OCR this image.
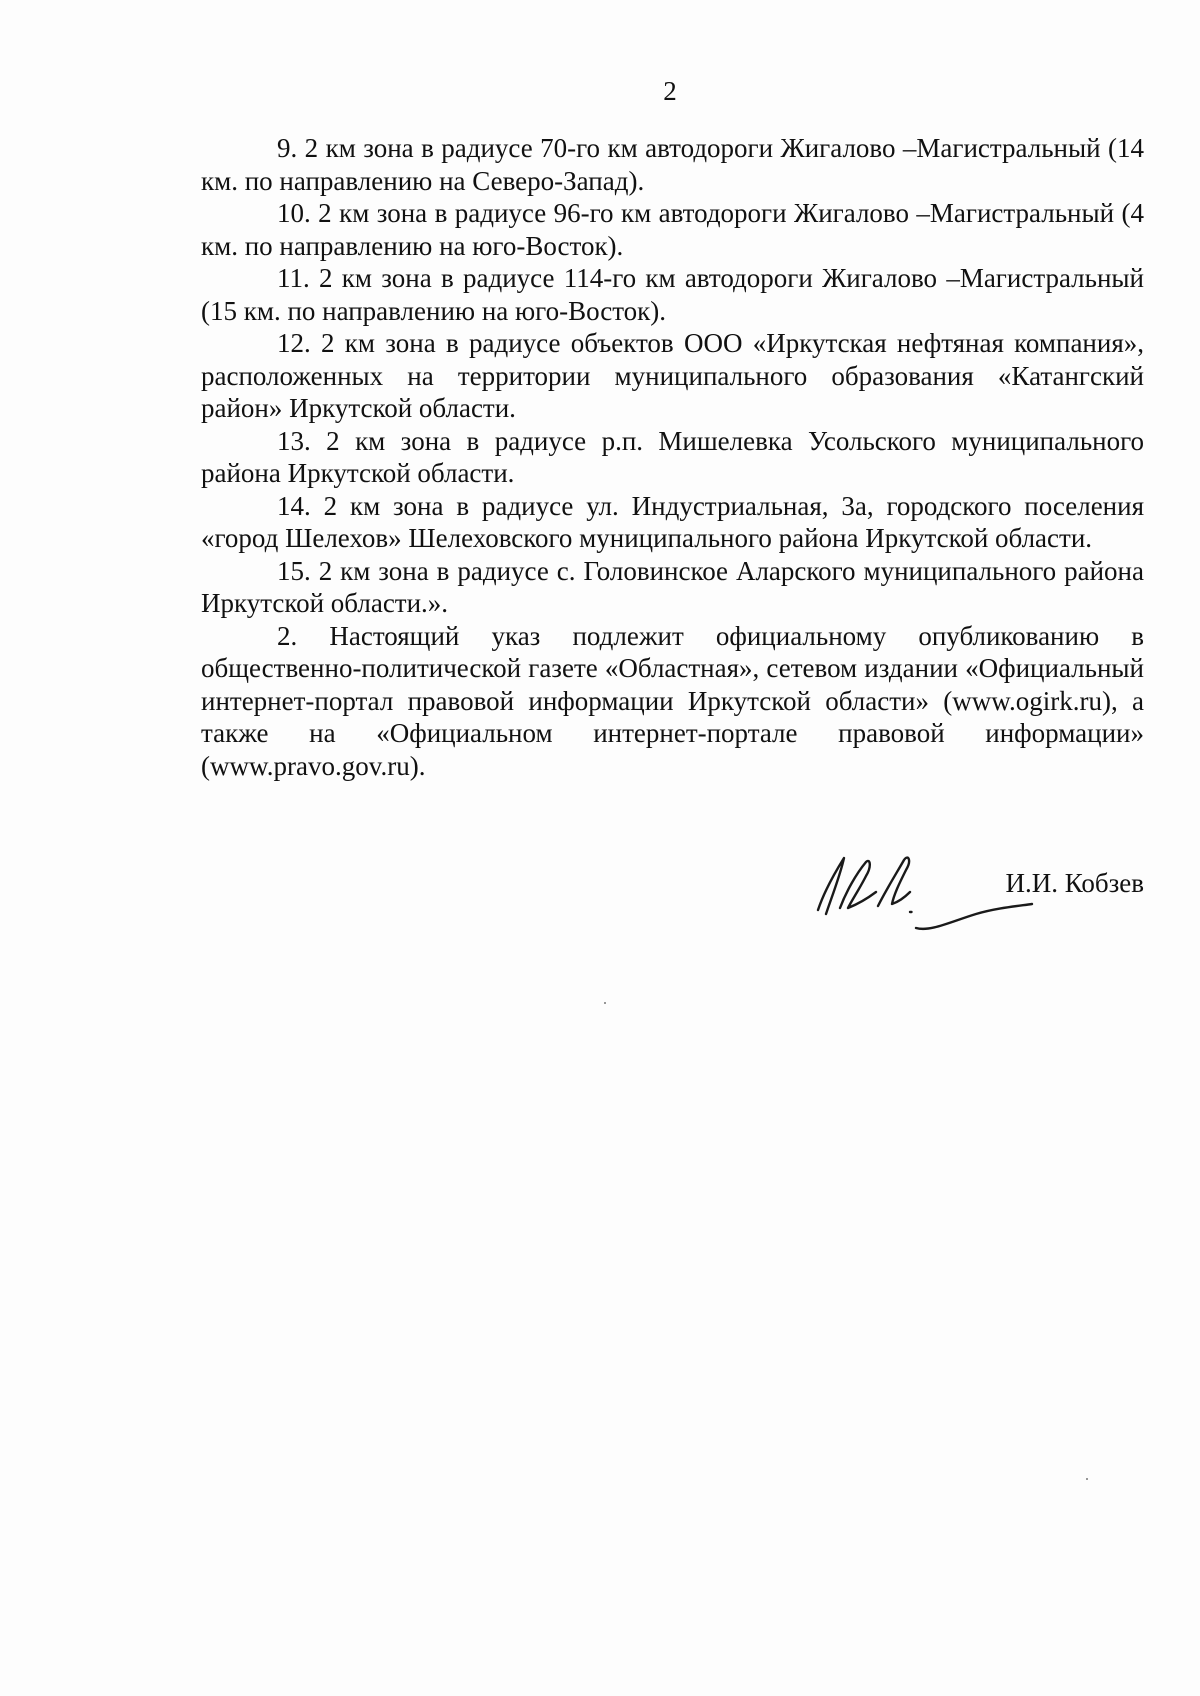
2

9. 2 км зона в радиусе 70-го км автодороги Жигалово –Магистральный (14 км. по направлению на Северо-Запад).

10. 2 км зона в радиусе 96-го км автодороги Жигалово –Магистральный (4 км. по направлению на юго-Восток).

11. 2 км зона в радиусе 114-го км автодороги Жигалово –Магистральный (15 км. по направлению на юго-Восток).

12. 2 км зона в радиусе объектов ООО «Иркутская нефтяная компания», расположенных на территории муниципального образования «Катангский район» Иркутской области.

13. 2 км зона в радиусе р.п. Мишелевка Усольского муниципального района Иркутской области.

14. 2 км зона в радиусе ул. Индустриальная, 3а, городского поселения «город Шелехов» Шелеховского муниципального района Иркутской области.

15. 2 км зона в радиусе с. Головинское Аларского муниципального района Иркутской области.».

2. Настоящий указ подлежит официальному опубликованию в общественно-политической газете «Областная», сетевом издании «Официальный интернет-портал правовой информации Иркутской области» (www.ogirk.ru), а также на «Официальном интернет-портале правовой информации» (www.pravo.gov.ru).

И.И. Кобзев
